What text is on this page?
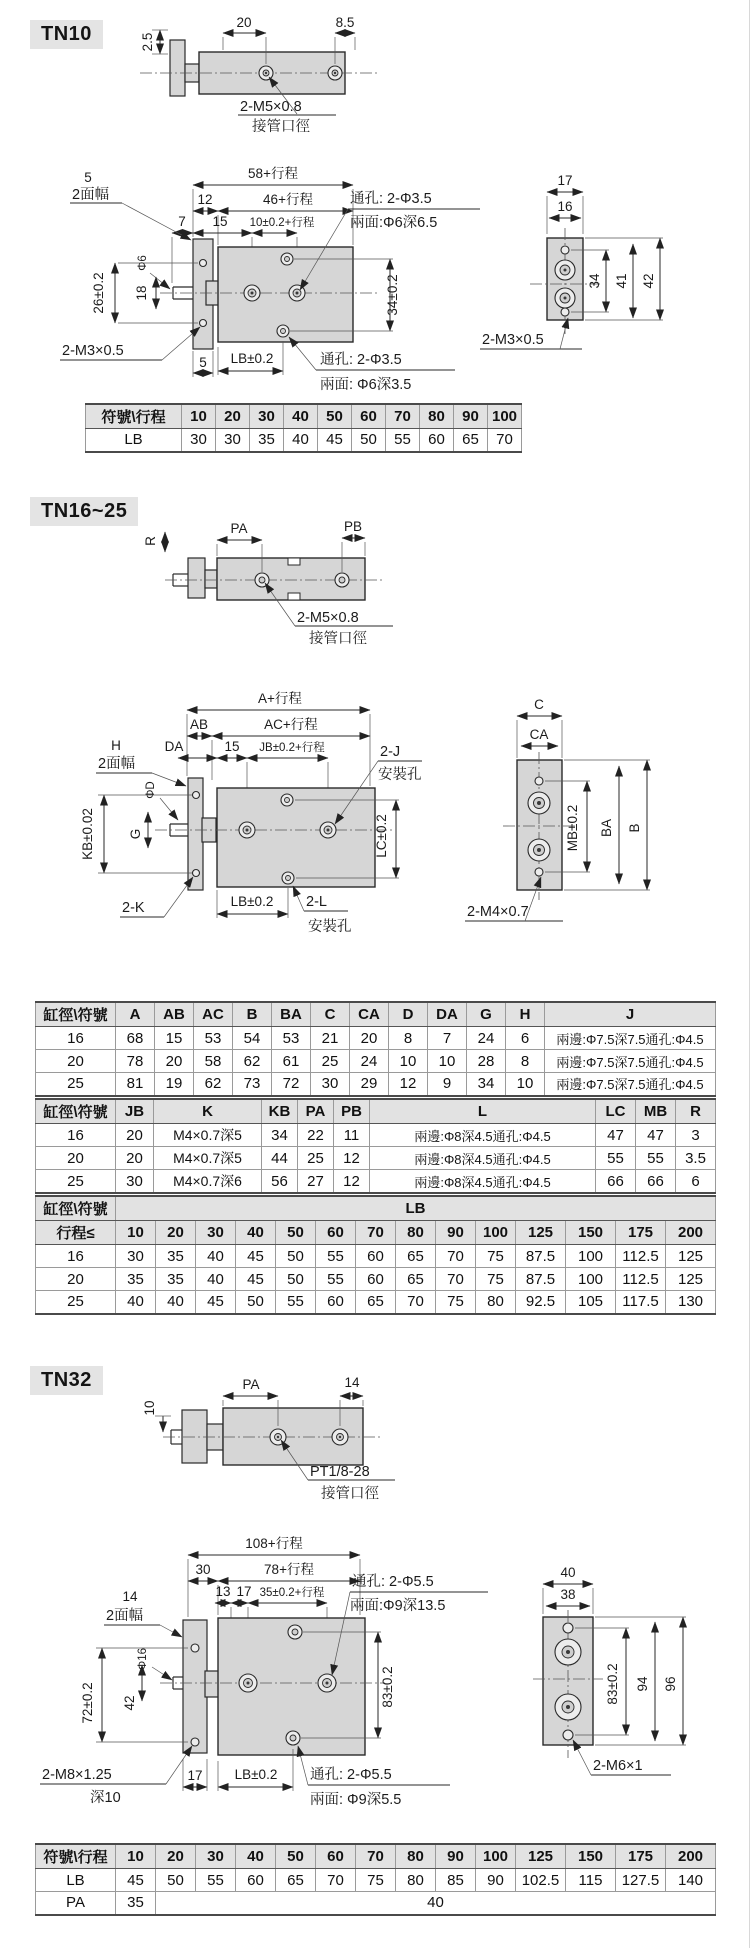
TN10	2.5
20	8.5
2-M5×0.8
接管口徑
58+行程
12	46+行程
7 15 10±0.2+行程
5
2面幅
Φ6
18
26±0.2	34±0.2
通孔: 2-Φ3.5
兩面:Φ6深6.5
2-M3×0.5
5 LB±0.2	通孔: 2-Φ3.5
兩面: Φ6深3.5
17
16
34 41 42
2-M3×0.5
符號\行程	10	20	30	40	50	60	70	80	90	100
LB	30	30	35	40	45	50	55	60	65	70
TN16~25
R
PA	PB
2-M5×0.8
接管口徑
A+行程
AB	AC+行程
DA	15 JB±0.2+行程
H
2面幅
ΦD
KB±0.02 G
2-J
安裝孔
LC±0.2
2-K	LB±0.2 2-L
安裝孔
C
CA
MB±0.2 BA B
2-M4×0.7
缸徑\符號	A	AB	AC	B	BA	C	CA	D	DA	G	H	J
16	68	15	53	54	53	21	20	8	7	24	6	兩邊:Φ7.5深7.5通孔:Φ4.5
20	78	20	58	62	61	25	24	10	10	28	8	兩邊:Φ7.5深7.5通孔:Φ4.5
25	81	19	62	73	72	30	29	12	9	34	10	兩邊:Φ7.5深7.5通孔:Φ4.5
缸徑\符號	JB	K	KB	PA	PB	L	LC	MB	R
16	20	M4×0.7深5	34	22	11	兩邊:Φ8深4.5通孔:Φ4.5	47	47	3
20	20	M4×0.7深5	44	25	12	兩邊:Φ8深4.5通孔:Φ4.5	55	55	3.5
25	30	M4×0.7深6	56	27	12	兩邊:Φ8深4.5通孔:Φ4.5	66	66	6
缸徑\符號	LB													
行程≤	10	20	30	40	50	60	70	80	90	100	125	150	175	200
16	30	35	40	45	50	55	60	65	70	75	87.5	100	112.5	125
20	35	35	40	45	50	55	60	65	70	75	87.5	100	112.5	125
25	40	40	45	50	55	60	65	70	75	80	92.5	105	117.5	130
TN32
10
PA	14
PT1/8-28
接管口徑
108+行程
30	78+行程
13 17 35±0.2+行程
14
2面幅
Φ16
72±0.2 42
2-M8×1.25
深10
17 LB±0.2 通孔: 2-Φ5.5
兩面: Φ9深5.5
通孔: 2-Φ5.5
兩面:Φ9深13.5
83±0.2
40
38
83±0.2 94 96
2-M6×1
符號\行程	10	20	30	40	50	60	70	80	90	100	125	150	175	200
LB	45	50	55	60	65	70	75	80	85	90	102.5	115	127.5	140
PA	35	40												
